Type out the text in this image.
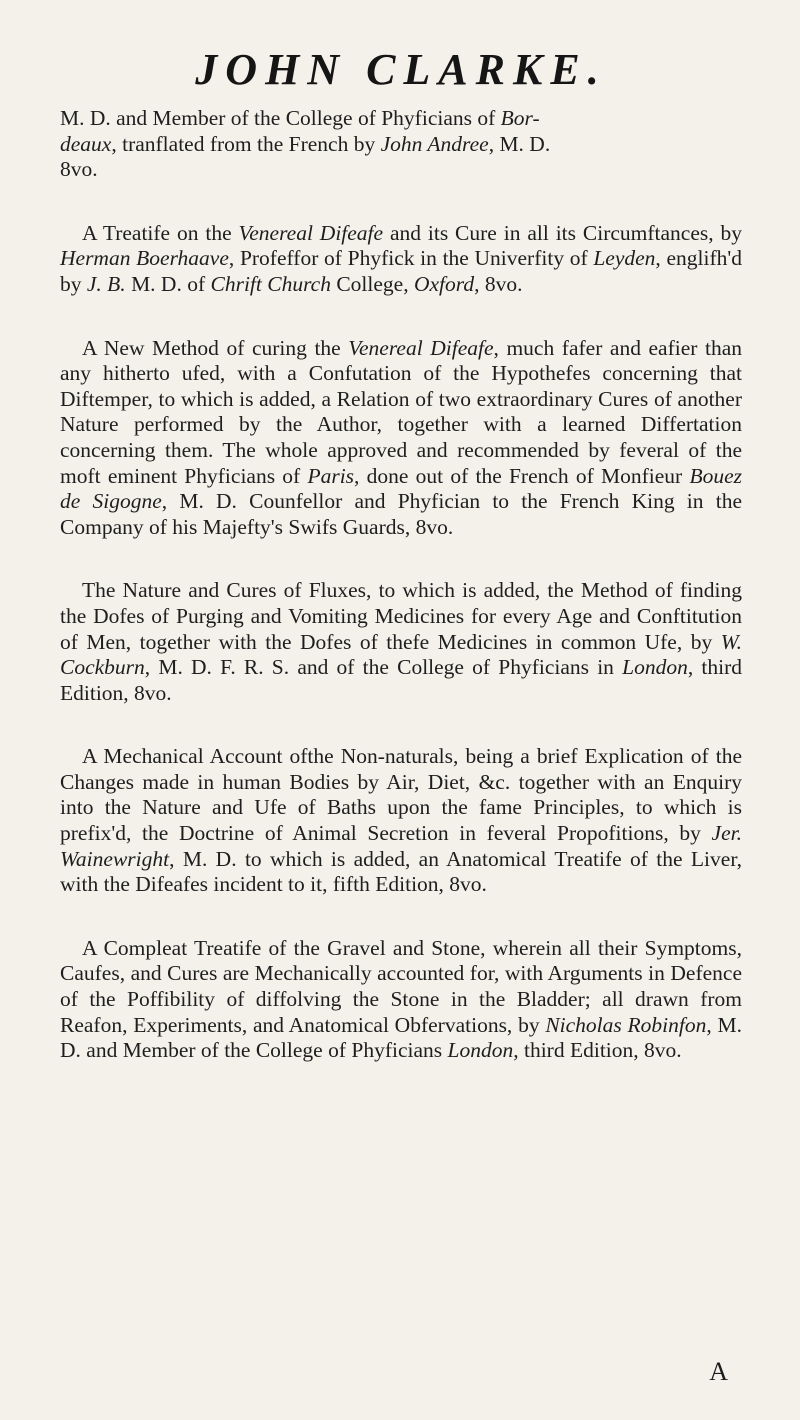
JOHN CLARKE.

M. D. and Member of the College of Phyficians of Bor-
deaux, tranflated from the French by John Andree, M. D.
8vo.

A Treatife on the Venereal Difeafe and its Cure in all its Circumftances, by Herman Boerhaave, Profeffor of Phyfick in the Univerfity of Leyden, englifh'd by J. B. M. D. of Chrift Church College, Oxford, 8vo.

A New Method of curing the Venereal Difeafe, much fafer and eafier than any hitherto ufed, with a Confutation of the Hypothefes concerning that Diftemper, to which is added, a Relation of two extraordinary Cures of another Nature performed by the Author, together with a learned Differtation concerning them. The whole approved and recommended by feveral of the moft eminent Phyficians of Paris, done out of the French of Monfieur Bouez de Sigogne, M. D. Counfellor and Phyfician to the French King in the Company of his Majefty's Swifs Guards, 8vo.

The Nature and Cures of Fluxes, to which is added, the Method of finding the Dofes of Purging and Vomiting Medicines for every Age and Conftitution of Men, together with the Dofes of thefe Medicines in common Ufe, by W. Cockburn, M. D. F. R. S. and of the College of Phyficians in London, third Edition, 8vo.

A Mechanical Account ofthe Non-naturals, being a brief Explication of the Changes made in human Bodies by Air, Diet, &c. together with an Enquiry into the Nature and Ufe of Baths upon the fame Principles, to which is prefix'd, the Doctrine of Animal Secretion in feveral Propofitions, by Jer. Wainewright, M. D. to which is added, an Anatomical Treatife of the Liver, with the Difeafes incident to it, fifth Edition, 8vo.

A Compleat Treatife of the Gravel and Stone, wherein all their Symptoms, Caufes, and Cures are Mechanically accounted for, with Arguments in Defence of the Poffibility of diffolving the Stone in the Bladder; all drawn from Reafon, Experiments, and Anatomical Obfervations, by Nicholas Robinfon, M. D. and Member of the College of Phyficians London, third Edition, 8vo.

A
